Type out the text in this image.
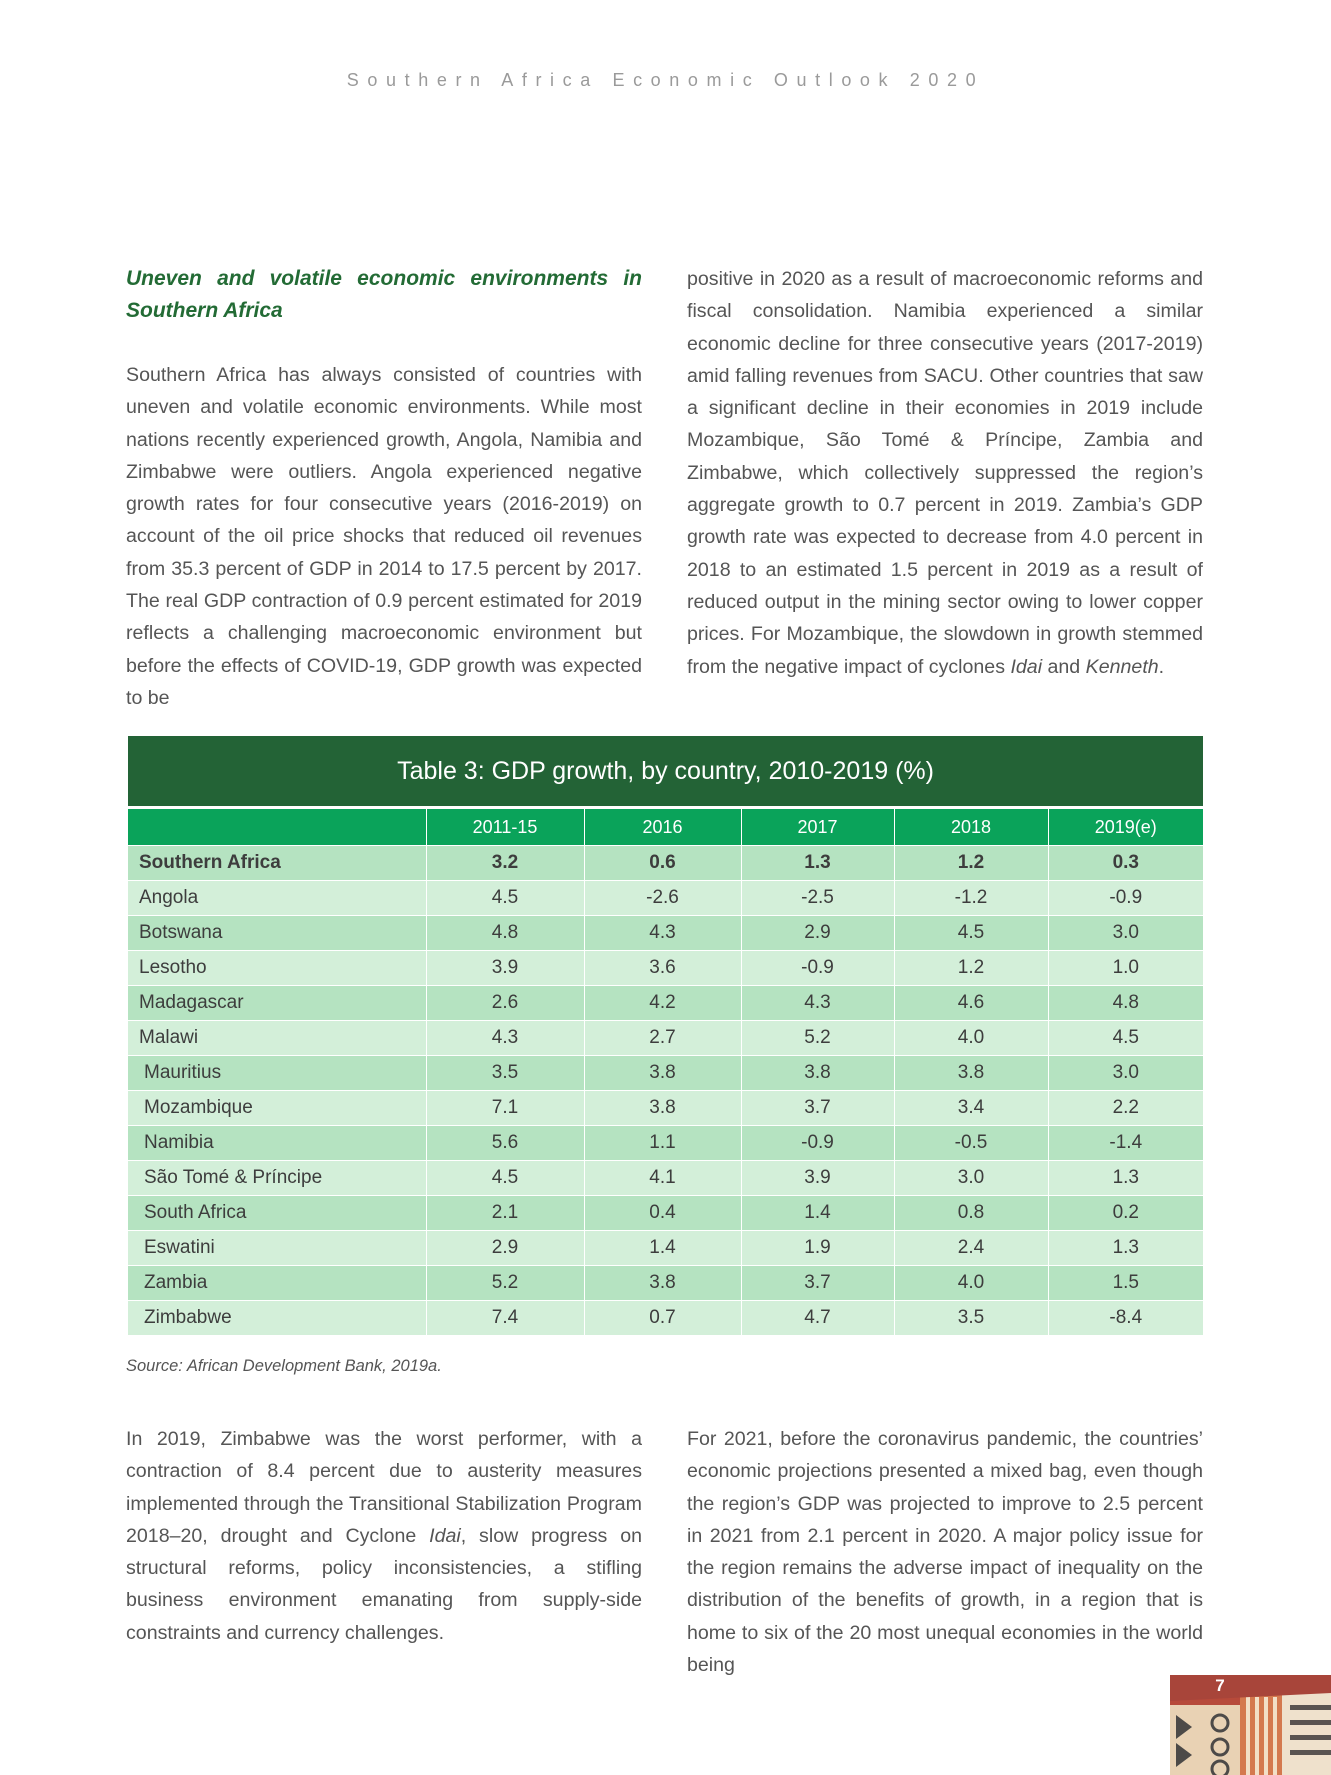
Southern Africa Economic Outlook 2020
Uneven and volatile economic environments in Southern Africa

Southern Africa has always consisted of countries with uneven and volatile economic environments. While most nations recently experienced growth, Angola, Namibia and Zimbabwe were outliers. Angola experienced negative growth rates for four consecutive years (2016-2019) on account of the oil price shocks that reduced oil revenues from 35.3 percent of GDP in 2014 to 17.5 percent by 2017. The real GDP contraction of 0.9 percent estimated for 2019 reflects a challenging macroeconomic environment but before the effects of COVID-19, GDP growth was expected to be

positive in 2020 as a result of macroeconomic reforms and fiscal consolidation. Namibia experienced a similar economic decline for three consecutive years (2017-2019) amid falling revenues from SACU. Other countries that saw a significant decline in their economies in 2019 include Mozambique, São Tomé & Príncipe, Zambia and Zimbabwe, which collectively suppressed the region’s aggregate growth to 0.7 percent in 2019. Zambia’s GDP growth rate was expected to decrease from 4.0 percent in 2018 to an estimated 1.5 percent in 2019 as a result of reduced output in the mining sector owing to lower copper prices. For Mozambique, the slowdown in growth stemmed from the negative impact of cyclones Idai and Kenneth.

Table 3: GDP growth, by country, 2010-2019 (%)					
	2011-15	2016	2017	2018	2019(e)
Southern Africa	3.2	0.6	1.3	1.2	0.3
Angola	4.5	-2.6	-2.5	-1.2	-0.9
Botswana	4.8	4.3	2.9	4.5	3.0
Lesotho	3.9	3.6	-0.9	1.2	1.0
Madagascar	2.6	4.2	4.3	4.6	4.8
Malawi	4.3	2.7	5.2	4.0	4.5
Mauritius	3.5	3.8	3.8	3.8	3.0
Mozambique	7.1	3.8	3.7	3.4	2.2
Namibia	5.6	1.1	-0.9	-0.5	-1.4
São Tomé & Príncipe	4.5	4.1	3.9	3.0	1.3
South Africa	2.1	0.4	1.4	0.8	0.2
Eswatini	2.9	1.4	1.9	2.4	1.3
Zambia	5.2	3.8	3.7	4.0	1.5
Zimbabwe	7.4	0.7	4.7	3.5	-8.4
Source: African Development Bank, 2019a.

In 2019, Zimbabwe was the worst performer, with a contraction of 8.4 percent due to austerity measures implemented through the Transitional Stabilization Program 2018–20, drought and Cyclone Idai, slow progress on structural reforms, policy inconsistencies, a stifling business environment emanating from supply-side constraints and currency challenges.

For 2021, before the coronavirus pandemic, the countries’ economic projections presented a mixed bag, even though the region’s GDP was projected to improve to 2.5 percent in 2021 from 2.1 percent in 2020. A major policy issue for the region remains the adverse impact of inequality on the distribution of the benefits of growth, in a region that is home to six of the 20 most unequal economies in the world being

7
